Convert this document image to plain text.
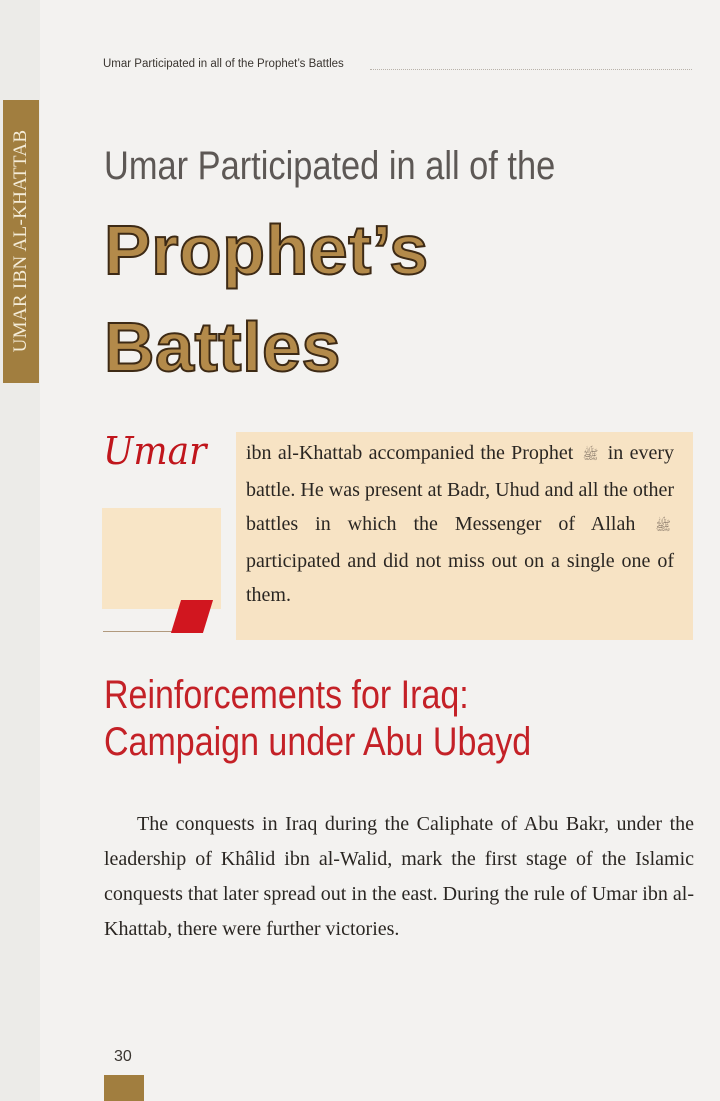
Umar Participated in all of the Prophet’s Battles
UMAR IBN AL-KHATTAB Umar Participated in all of the
Prophet’s
Battles
Umar ibn al-Khattab accompanied the Prophet ﷺ in every battle. He was present at Badr, Uhud and all the other battles in which the Messenger of Allah ﷺ participated and did not miss out on a single one of them.
Reinforcements for Iraq:
Campaign under Abu Ubayd
The conquests in Iraq during the Caliphate of Abu Bakr, under the leadership of Khâlid ibn al-Walid, mark the first stage of the Islamic conquests that later spread out in the east. During the rule of Umar ibn al-Khattab, there were further victories.
30
